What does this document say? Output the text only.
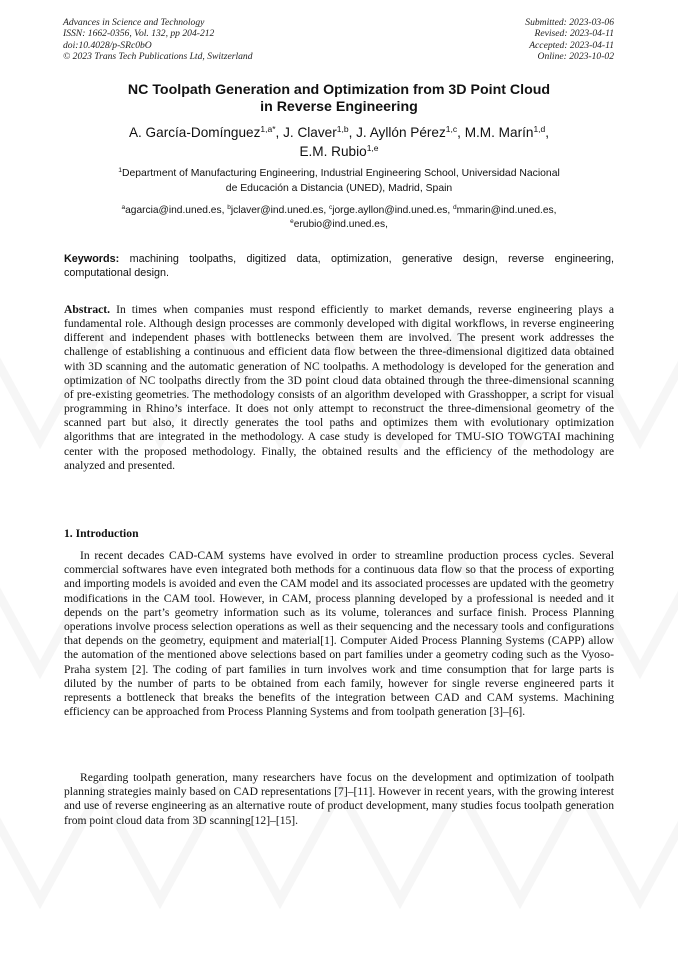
Advances in Science and Technology
ISSN: 1662-0356, Vol. 132, pp 204-212
doi:10.4028/p-SRc0bO
© 2023 Trans Tech Publications Ltd, Switzerland
Submitted: 2023-03-06
Revised: 2023-04-11
Accepted: 2023-04-11
Online: 2023-10-02
NC Toolpath Generation and Optimization from 3D Point Cloud
in Reverse Engineering
A. García-Domínguez$^{1,a*}$, J. Claver$^{1,b}$, J. Ayllón Pérez$^{1,c}$, M.M. Marín$^{1,d}$,
E.M. Rubio$^{1,e}$
$^1$Department of Manufacturing Engineering, Industrial Engineering School, Universidad Nacional
de Educación a Distancia (UNED), Madrid, Spain
$^a$agarcia@ind.uned.es, $^b$jclaver@ind.uned.es, $^c$jorge.ayllon@ind.uned.es, $^d$mmarin@ind.uned.es,
$^e$erubio@ind.uned.es,
Keywords: machining toolpaths, digitized data, optimization, generative design, reverse engineering, computational design.
Abstract. In times when companies must respond efficiently to market demands, reverse engineering plays a fundamental role. Although design processes are commonly developed with digital workflows, in reverse engineering different and independent phases with bottlenecks between them are involved. The present work addresses the challenge of establishing a continuous and efficient data flow between the three-dimensional digitized data obtained with 3D scanning and the automatic generation of NC toolpaths. A methodology is developed for the generation and optimization of NC toolpaths directly from the 3D point cloud data obtained through the three-dimensional scanning of pre-existing geometries. The methodology consists of an algorithm developed with Grasshopper, a script for visual programming in Rhino’s interface. It does not only attempt to reconstruct the three-dimensional geometry of the scanned part but also, it directly generates the tool paths and optimizes them with evolutionary optimization algorithms that are integrated in the methodology. A case study is developed for TMU-SIO TOWGTAI machining center with the proposed methodology. Finally, the obtained results and the efficiency of the methodology are analyzed and presented.
1. Introduction

In recent decades CAD-CAM systems have evolved in order to streamline production process cycles. Several commercial softwares have even integrated both methods for a continuous data flow so that the process of exporting and importing models is avoided and even the CAM model and its associated processes are updated with the geometry modifications in the CAM tool. However, in CAM, process planning developed by a professional is needed and it depends on the part’s geometry information such as its volume, tolerances and surface finish. Process Planning operations involve process selection operations as well as their sequencing and the necessary tools and configurations that depends on the geometry, equipment and material[1]. Computer Aided Process Planning Systems (CAPP) allow the automation of the mentioned above selections based on part families under a geometry coding such as the Vyoso-Praha system [2]. The coding of part families in turn involves work and time consumption that for large parts is diluted by the number of parts to be obtained from each family, however for single reverse engineered parts it represents a bottleneck that breaks the benefits of the integration between CAD and CAM systems. Machining efficiency can be approached from Process Planning Systems and from toolpath generation [3]–[6].

Regarding toolpath generation, many researchers have focus on the development and optimization of toolpath planning strategies mainly based on CAD representations [7]–[11]. However in recent years, with the growing interest and use of reverse engineering as an alternative route of product development, many studies focus toolpath generation from point cloud data from 3D scanning[12]–[15].
